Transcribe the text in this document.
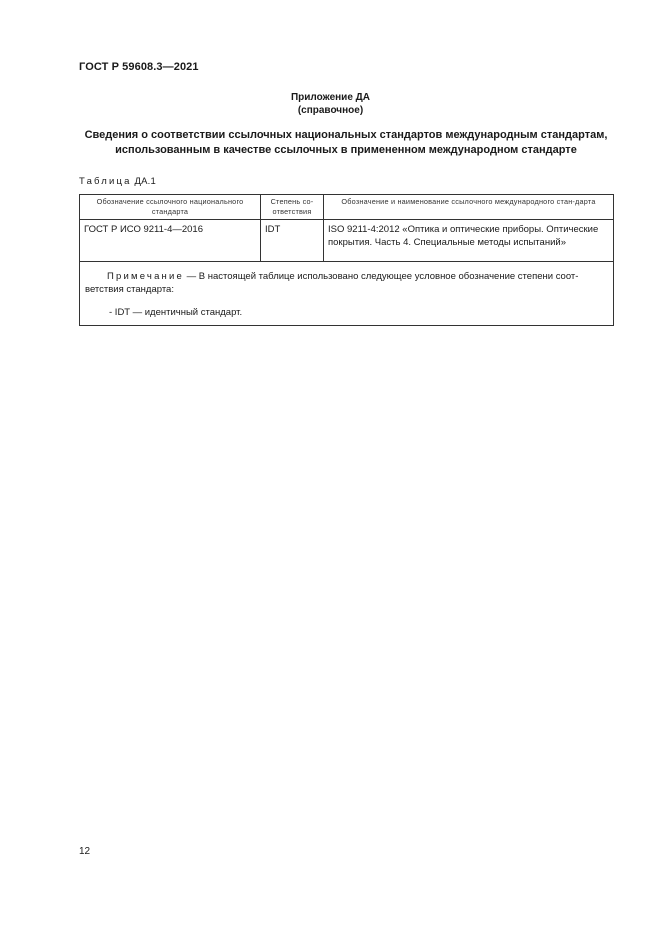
ГОСТ Р 59608.3—2021
Приложение ДА
(справочное)
Сведения о соответствии ссылочных национальных стандартов международным стандартам,
использованным в качестве ссылочных в примененном международном стандарте
Таблица ДА.1
Обозначение ссылочного национального стандарта	Степень со-ответствия	Обозначение и наименование ссылочного международного стан-дарта
ГОСТ Р ИСО 9211-4—2016	IDT	ISO 9211-4:2012 «Оптика и оптические приборы. Оптические покрытия. Часть 4. Специальные методы испытаний»

Примечание — В настоящей таблице использовано следующее условное обозначение степени соот-ветствия стандарта:

- IDT — идентичный стандарт.		
12
